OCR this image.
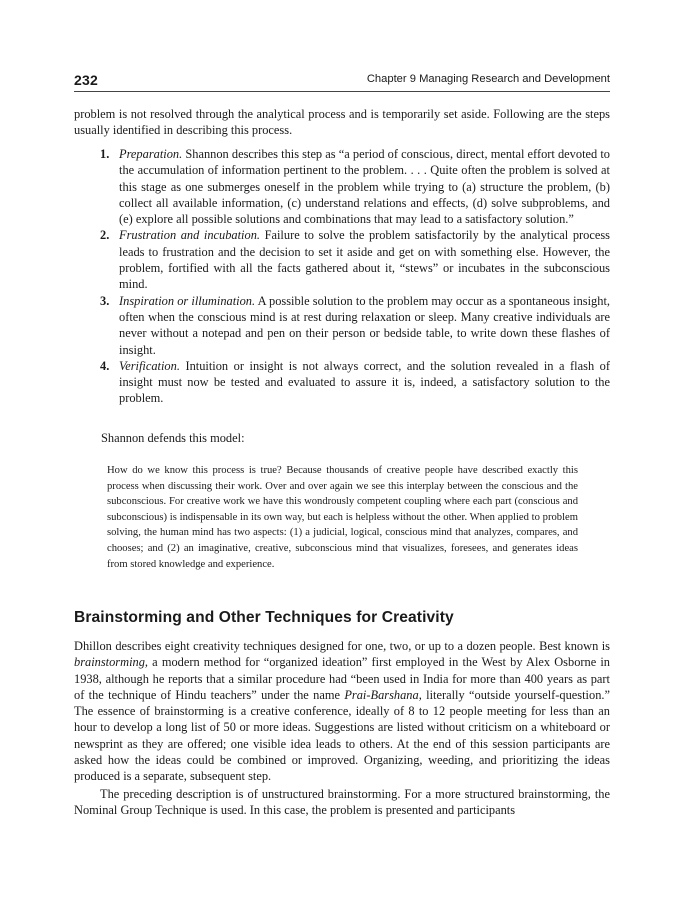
232	Chapter 9 Managing Research and Development

problem is not resolved through the analytical process and is temporarily set aside. Following are the steps usually identified in describing this process.

1. Preparation. Shannon describes this step as “a period of conscious, direct, mental effort devoted to the accumulation of information pertinent to the problem. . . . Quite often the problem is solved at this stage as one submerges oneself in the problem while trying to (a) structure the problem, (b) collect all available information, (c) understand relations and effects, (d) solve subproblems, and (e) explore all possible solutions and combinations that may lead to a satisfactory solution.”
2. Frustration and incubation. Failure to solve the problem satisfactorily by the analytical process leads to frustration and the decision to set it aside and get on with something else. However, the problem, fortified with all the facts gathered about it, “stews” or incubates in the subconscious mind.
3. Inspiration or illumination. A possible solution to the problem may occur as a spontaneous insight, often when the conscious mind is at rest during relaxation or sleep. Many creative individuals are never without a notepad and pen on their person or bedside table, to write down these flashes of insight.
4. Verification. Intuition or insight is not always correct, and the solution revealed in a flash of insight must now be tested and evaluated to assure it is, indeed, a satisfactory solution to the problem.

Shannon defends this model:

How do we know this process is true? Because thousands of creative people have described exactly this process when discussing their work. Over and over again we see this interplay between the conscious and the subconscious. For creative work we have this wondrously competent coupling where each part (conscious and subconscious) is indispensable in its own way, but each is helpless without the other. When applied to problem solving, the human mind has two aspects: (1) a judicial, logical, conscious mind that analyzes, compares, and chooses; and (2) an imaginative, creative, subconscious mind that visualizes, foresees, and generates ideas from stored knowledge and experience.
Brainstorming and Other Techniques for Creativity

Dhillon describes eight creativity techniques designed for one, two, or up to a dozen people. Best known is brainstorming, a modern method for “organized ideation” first employed in the West by Alex Osborne in 1938, although he reports that a similar procedure had “been used in India for more than 400 years as part of the technique of Hindu teachers” under the name Prai-Barshana, literally “outside yourself-question.” The essence of brainstorming is a creative conference, ideally of 8 to 12 people meeting for less than an hour to develop a long list of 50 or more ideas. Suggestions are listed without criticism on a whiteboard or newsprint as they are offered; one visible idea leads to others. At the end of this session participants are asked how the ideas could be combined or improved. Organizing, weeding, and prioritizing the ideas produced is a separate, subsequent step.

The preceding description is of unstructured brainstorming. For a more structured brainstorming, the Nominal Group Technique is used. In this case, the problem is presented and participants
